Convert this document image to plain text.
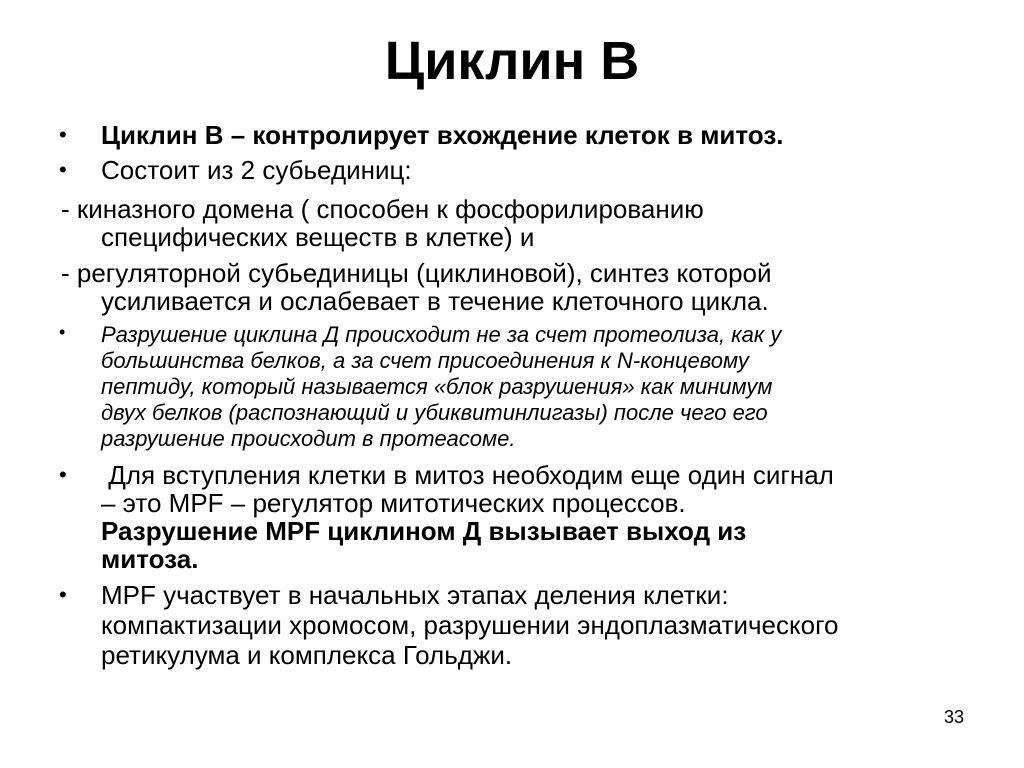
Циклин В
• Циклин В – контролирует вхождение клеток в митоз.
• Состоит из 2 субьединиц:
- киназного домена ( способен к фосфорилированию
специфических веществ в клетке) и
- регуляторной субьединицы (циклиновой), синтез которой
усиливается и ослабевает в течение клеточного цикла.
• Разрушение циклина Д происходит не за счет протеолиза, как у
большинства белков, а за счет присоединения к N-концевому
пептиду, который называется «блок разрушения» как минимум
двух белков (распознающий и убиквитинлигазы) после чего его
разрушение происходит в протеасоме.
• Для вступления клетки в митоз необходим еще один сигнал
– это MPF – регулятор митотических процессов.
Разрушение MPF циклином Д вызывает выход из
митоза.
• MPF участвует в начальных этапах деления клетки:
компактизации хромосом, разрушении эндоплазматического
ретикулума и комплекса Гольджи.
33
